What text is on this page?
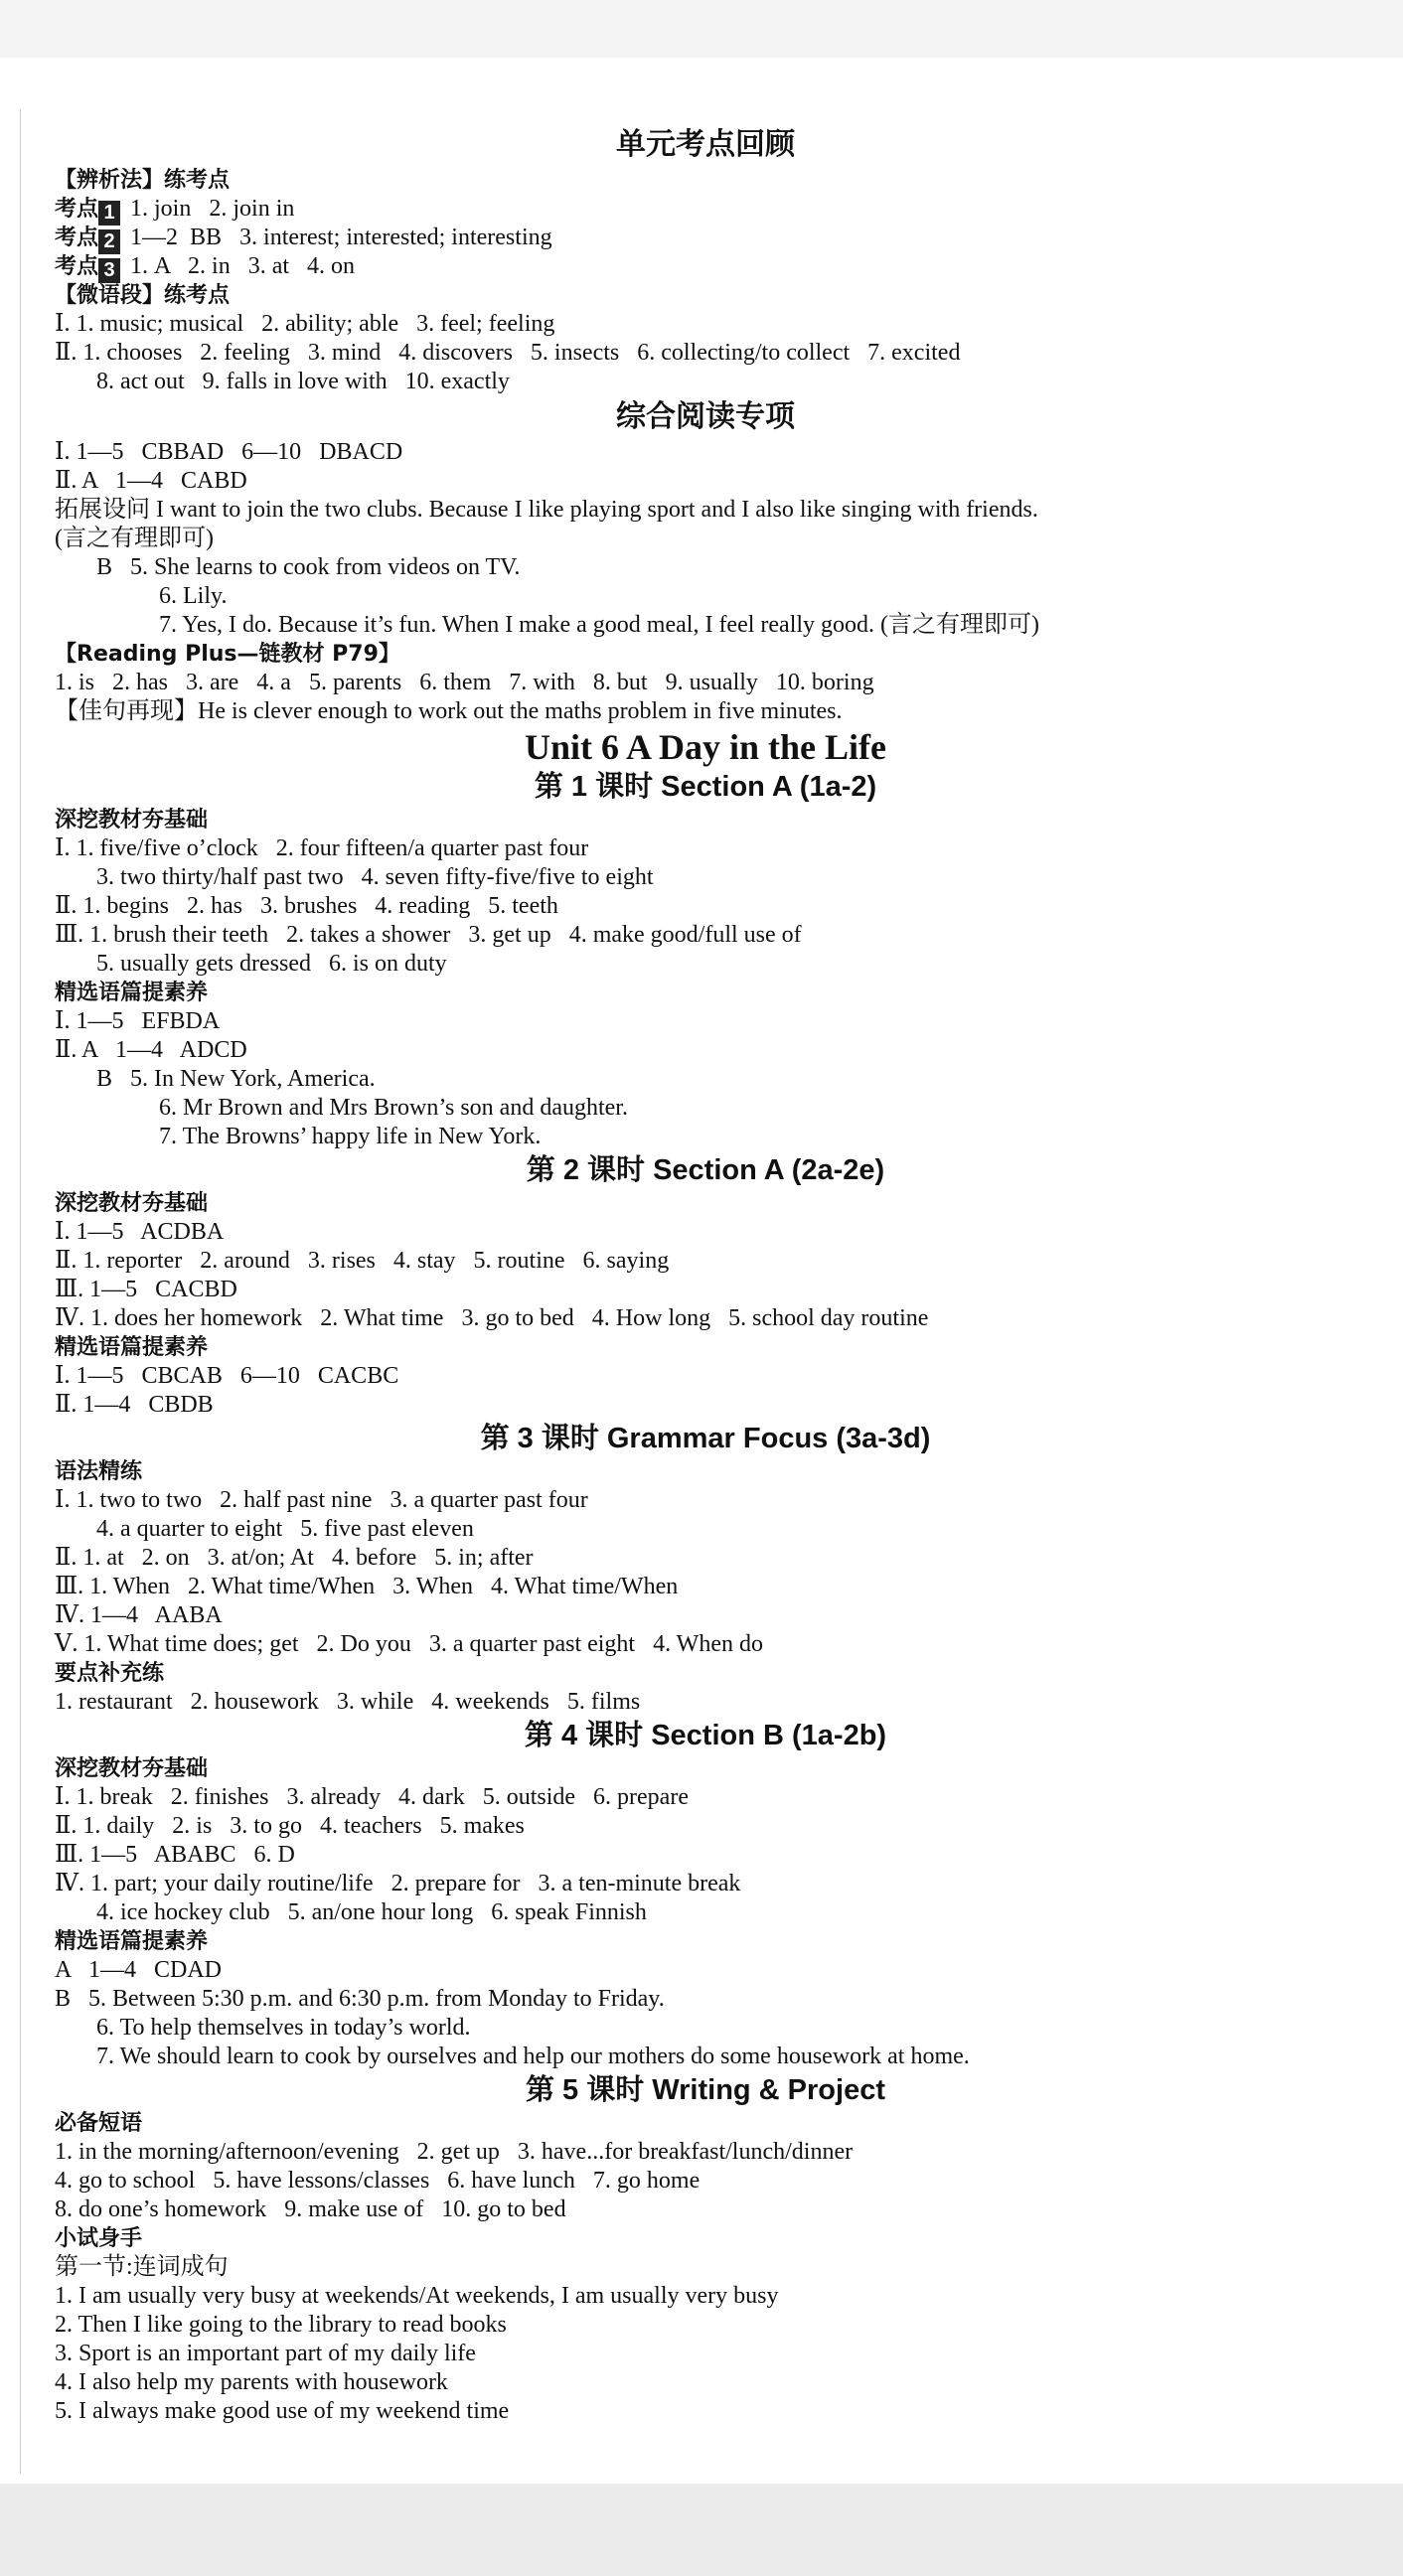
单元考点回顾
【辨析法】练考点
考点 1 1. join   2. join in
考点 2 1—2  BB   3. interest; interested; interesting
考点 3 1. A   2. in   3. at   4. on
【微语段】练考点
Ⅰ. 1. music; musical   2. ability; able   3. feel; feeling
Ⅱ. 1. chooses   2. feeling   3. mind   4. discovers   5. insects   6. collecting/to collect   7. excited
8. act out   9. falls in love with   10. exactly
综合阅读专项
Ⅰ. 1—5   CBBAD   6—10   DBACD
Ⅱ. A   1—4   CABD
拓展设问 I want to join the two clubs. Because I like playing sport and I also like singing with friends.
(言之有理即可)
B   5. She learns to cook from videos on TV.
6. Lily.
7. Yes, I do. Because it’s fun. When I make a good meal, I feel really good. (言之有理即可)
【Reading Plus—链教材 P79】
1. is   2. has   3. are   4. a   5. parents   6. them   7. with   8. but   9. usually   10. boring
【佳句再现】He is clever enough to work out the maths problem in five minutes.
Unit 6 A Day in the Life
第 1 课时 Section A (1a-2)
深挖教材夯基础
Ⅰ. 1. five/five o’clock   2. four fifteen/a quarter past four
3. two thirty/half past two   4. seven fifty-five/five to eight
Ⅱ. 1. begins   2. has   3. brushes   4. reading   5. teeth
Ⅲ. 1. brush their teeth   2. takes a shower   3. get up   4. make good/full use of
5. usually gets dressed   6. is on duty
精选语篇提素养
Ⅰ. 1—5   EFBDA
Ⅱ. A   1—4   ADCD
B   5. In New York, America.
6. Mr Brown and Mrs Brown’s son and daughter.
7. The Browns’ happy life in New York.
第 2 课时 Section A (2a-2e)
深挖教材夯基础
Ⅰ. 1—5   ACDBA
Ⅱ. 1. reporter   2. around   3. rises   4. stay   5. routine   6. saying
Ⅲ. 1—5   CACBD
Ⅳ. 1. does her homework   2. What time   3. go to bed   4. How long   5. school day routine
精选语篇提素养
Ⅰ. 1—5   CBCAB   6—10   CACBC
Ⅱ. 1—4   CBDB
第 3 课时 Grammar Focus (3a-3d)
语法精练
Ⅰ. 1. two to two   2. half past nine   3. a quarter past four
4. a quarter to eight   5. five past eleven
Ⅱ. 1. at   2. on   3. at/on; At   4. before   5. in; after
Ⅲ. 1. When   2. What time/When   3. When   4. What time/When
Ⅳ. 1—4   AABA
Ⅴ. 1. What time does; get   2. Do you   3. a quarter past eight   4. When do
要点补充练
1. restaurant   2. housework   3. while   4. weekends   5. films
第 4 课时 Section B (1a-2b)
深挖教材夯基础
Ⅰ. 1. break   2. finishes   3. already   4. dark   5. outside   6. prepare
Ⅱ. 1. daily   2. is   3. to go   4. teachers   5. makes
Ⅲ. 1—5   ABABC   6. D
Ⅳ. 1. part; your daily routine/life   2. prepare for   3. a ten-minute break
4. ice hockey club   5. an/one hour long   6. speak Finnish
精选语篇提素养
A   1—4   CDAD
B   5. Between 5:30 p.m. and 6:30 p.m. from Monday to Friday.
6. To help themselves in today’s world.
7. We should learn to cook by ourselves and help our mothers do some housework at home.
第 5 课时 Writing & Project
必备短语
1. in the morning/afternoon/evening   2. get up   3. have...for breakfast/lunch/dinner
4. go to school   5. have lessons/classes   6. have lunch   7. go home
8. do one’s homework   9. make use of   10. go to bed
小试身手
第一节:连词成句
1. I am usually very busy at weekends/At weekends, I am usually very busy
2. Then I like going to the library to read books
3. Sport is an important part of my daily life
4. I also help my parents with housework
5. I always make good use of my weekend time
